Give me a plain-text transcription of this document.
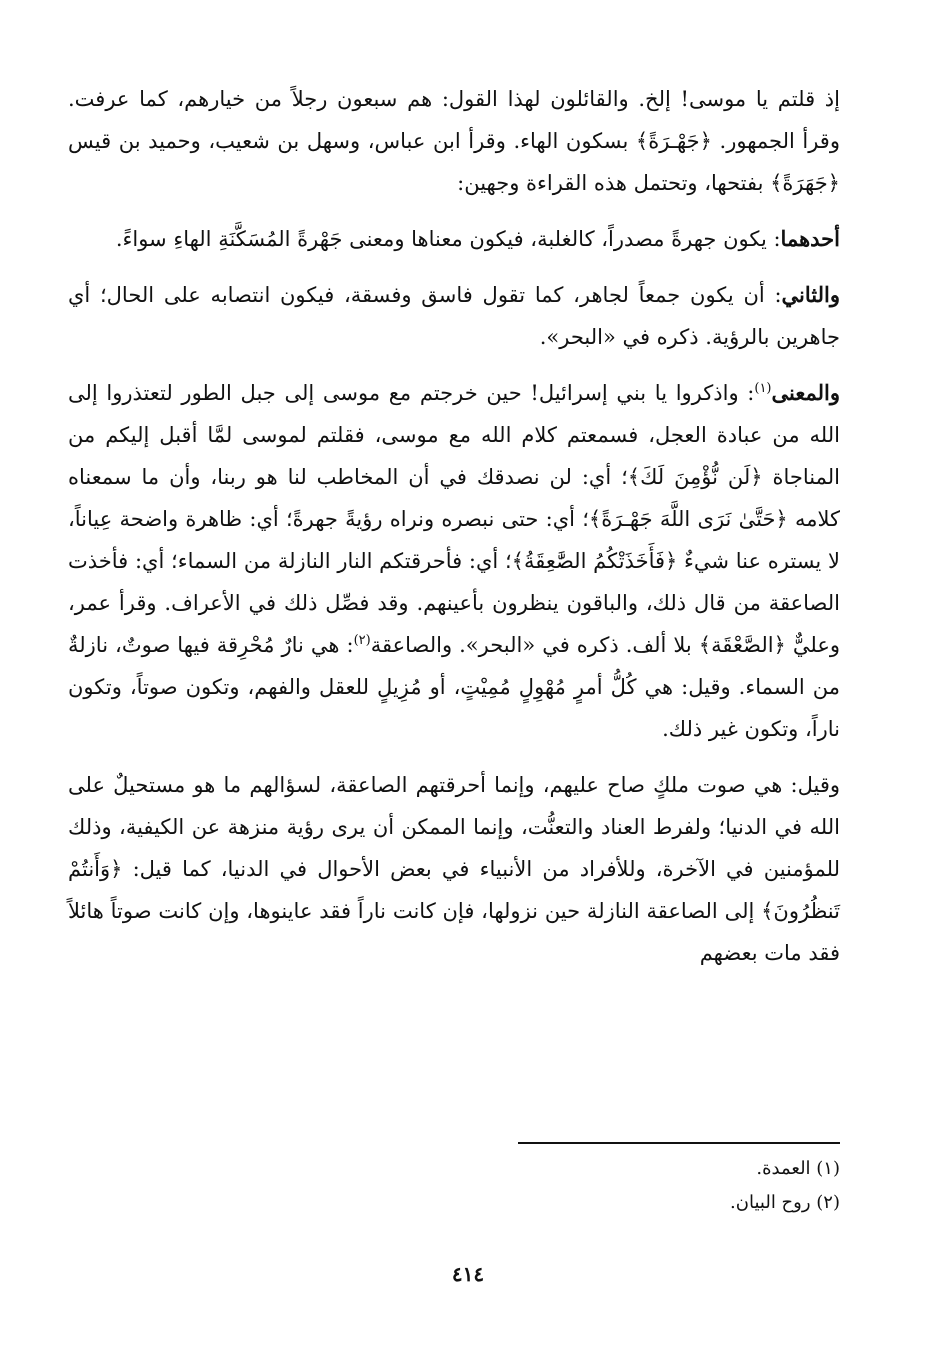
إذ قلتم يا موسى! إلخ. والقائلون لهذا القول: هم سبعون رجلاً من خيارهم، كما عرفت. وقرأ الجمهور. ﴿جَهْـرَةً﴾ بسكون الهاء. وقرأ ابن عباس، وسهل بن شعيب، وحميد بن قيس ﴿جَهَرَةً﴾ بفتحها، وتحتمل هذه القراءة وجهين:

أحدهما: يكون جهرةً مصدراً، كالغلبة، فيكون معناها ومعنى جَهْرةً المُسَكَّنَةِ الهاءِ سواءً.

والثاني: أن يكون جمعاً لجاهر، كما تقول فاسق وفسقة، فيكون انتصابه على الحال؛ أي جاهرين بالرؤية. ذكره في «البحر».

والمعنى$^{(١)}$: واذكروا يا بني إسرائيل! حين خرجتم مع موسى إلى جبل الطور لتعتذروا إلى الله من عبادة العجل، فسمعتم كلام الله مع موسى، فقلتم لموسى لمَّا أقبل إليكم من المناجاة ﴿لَن نُّؤْمِنَ لَكَ﴾؛ أي: لن نصدقك في أن المخاطب لنا هو ربنا، وأن ما سمعناه كلامه ﴿حَتَّىٰ نَرَى اللَّهَ جَهْـرَةً﴾؛ أي: حتى نبصره ونراه رؤيةً جهرةً؛ أي: ظاهرة واضحة عِياناً، لا يستره عنا شيءٌ ﴿فَأَخَذَتْكُمُ الصَّٰعِقَةُ﴾؛ أي: فأحرقتكم النار النازلة من السماء؛ أي: فأخذت الصاعقة من قال ذلك، والباقون ينظرون بأعينهم. وقد فصِّل ذلك في الأعراف. وقرأ عمر، وعليٌّ ﴿الصَّعْقَة﴾ بلا ألف. ذكره في «البحر». والصاعقة$^{(٢)}$: هي نارٌ مُحْرِقة فيها صوتٌ، نازلةٌ من السماء. وقيل: هي كُلُّ أمرٍ مُهْوِلٍ مُمِيْتٍ، أو مُزِيلٍ للعقل والفهم، وتكون صوتاً، وتكون ناراً، وتكون غير ذلك.

وقيل: هي صوت ملكٍ صاح عليهم، وإنما أحرقتهم الصاعقة، لسؤالهم ما هو مستحيلٌ على الله في الدنيا؛ ولفرط العناد والتعنُّت، وإنما الممكن أن يرى رؤية منزهة عن الكيفية، وذلك للمؤمنين في الآخرة، وللأفراد من الأنبياء في بعض الأحوال في الدنيا، كما قيل: ﴿وَأَنتُمْ تَنظُرُونَ﴾ إلى الصاعقة النازلة حين نزولها، فإن كانت ناراً فقد عاينوها، وإن كانت صوتاً هائلاً فقد مات بعضهم

(١) العمدة.

(٢) روح البيان.

٤١٤
